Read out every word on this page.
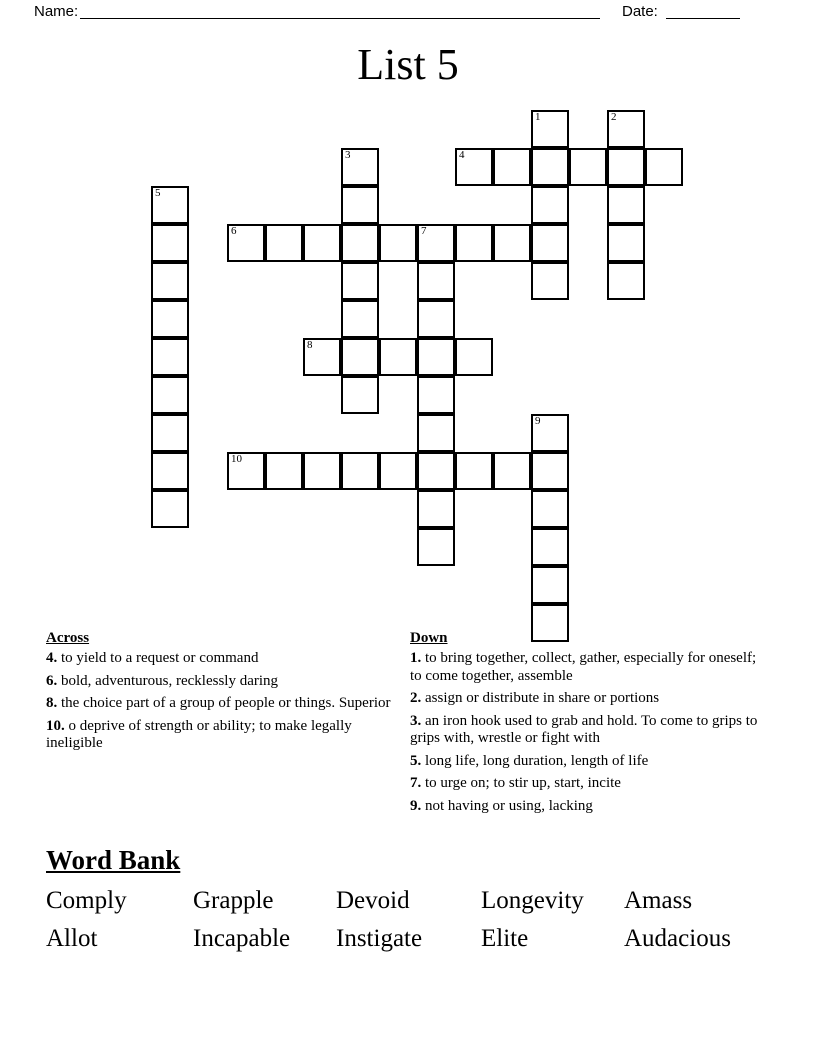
Name:	Date:
List 5
1	2
3	4
5
6	7
8
9
10
Across
4. to yield to a request or command
6. bold, adventurous, recklessly daring
8. the choice part of a group of people or things. Superior
10. o deprive of strength or ability; to make legally ineligible
Down
1. to bring together, collect, gather, especially for oneself; to come together, assemble
2. assign or distribute in share or portions
3. an iron hook used to grab and hold. To come to grips to grips with, wrestle or fight with
5. long life, long duration, length of life
7. to urge on; to stir up, start, incite
9. not having or using, lacking
Word Bank
Comply	Grapple	Devoid	Longevity	Amass
Allot	Incapable	Instigate	Elite	Audacious
